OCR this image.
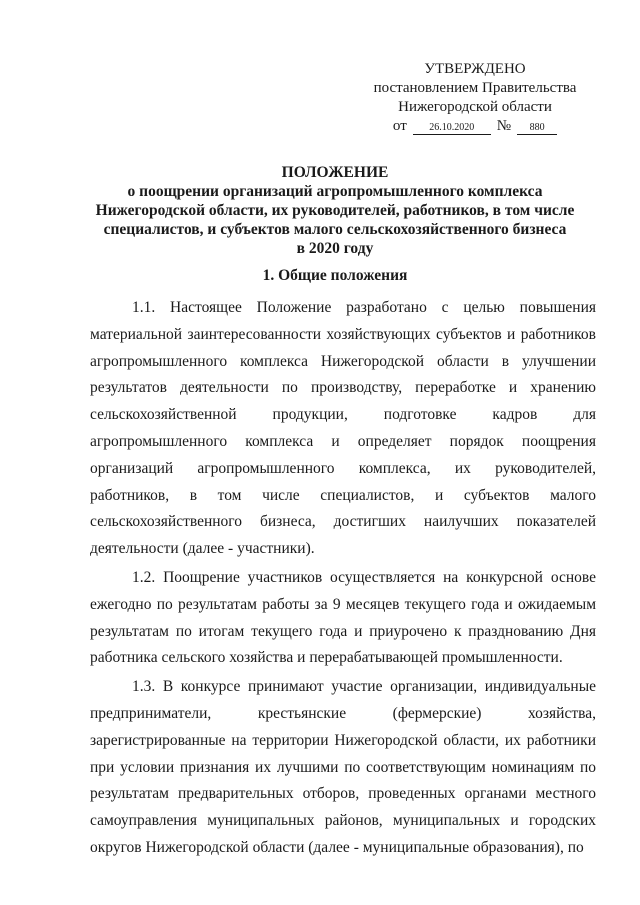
УТВЕРЖДЕНО
постановлением Правительства
Нижегородской области
от	26.10.2020	№	880
ПОЛОЖЕНИЕ
о поощрении организаций агропромышленного комплекса
Нижегородской области, их руководителей, работников, в том числе
специалистов, и субъектов малого сельскохозяйственного бизнеса
в 2020 году
1. Общие положения

1.1. Настоящее Положение разработано с целью повышения материальной заинтересованности хозяйствующих субъектов и работников агропромышленного комплекса Нижегородской области в улучшении результатов деятельности по производству, переработке и хранению сельскохозяйственной продукции, подготовке кадров для агропромышленного комплекса и определяет порядок поощрения организаций агропромышленного комплекса, их руководителей, работников, в том числе специалистов, и субъектов малого сельскохозяйственного бизнеса, достигших наилучших показателей деятельности (далее - участники).

1.2. Поощрение участников осуществляется на конкурсной основе ежегодно по результатам работы за 9 месяцев текущего года и ожидаемым результатам по итогам текущего года и приурочено к празднованию Дня работника сельского хозяйства и перерабатывающей промышленности.

1.3. В конкурсе принимают участие организации, индивидуальные предприниматели, крестьянские (фермерские) хозяйства, зарегистрированные на территории Нижегородской области, их работники при условии признания их лучшими по соответствующим номинациям по результатам предварительных отборов, проведенных органами местного самоуправления муниципальных районов, муниципальных и городских округов Нижегородской области (далее - муниципальные образования), по
